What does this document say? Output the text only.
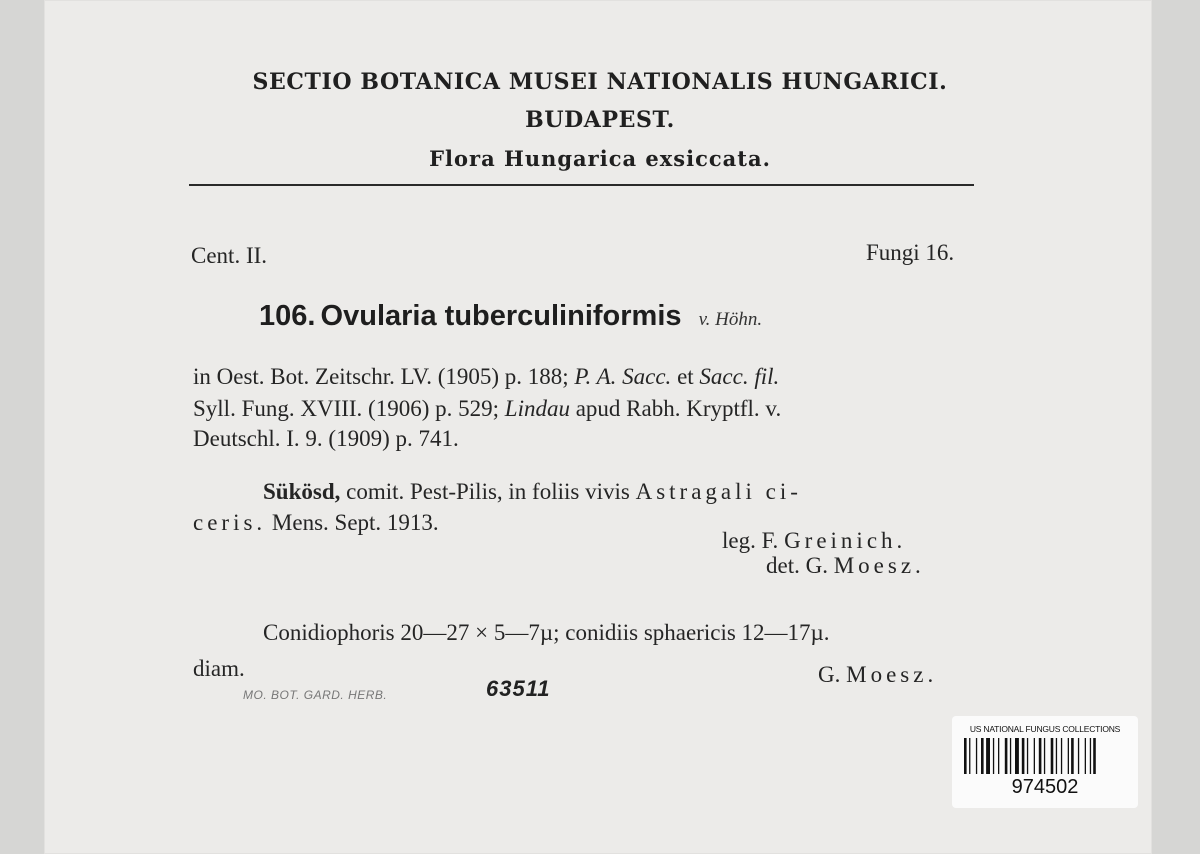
SECTIO BOTANICA MUSEI NATIONALIS HUNGARICI.
BUDAPEST.
Flora Hungarica exsiccata.
Cent. II.	Fungi 16.
106. Ovularia tuberculiniformis v. Höhn.
in Oest. Bot. Zeitschr. LV. (1905) p. 188; P. A. Sacc. et Sacc. fil.
Syll. Fung. XVIII. (1906) p. 529; Lindau apud Rabh. Kryptfl. v.
Deutschl. I. 9. (1909) p. 741.
Sükösd, comit. Pest-Pilis, in foliis vivis Astragali ci-
ceris. Mens. Sept. 1913.
leg. F. Greinich.
det. G. Moesz.
Conidiophoris 20—27 × 5—7µ; conidiis sphaericis 12—17µ.
diam.	G. Moesz.
MO. BOT. GARD. HERB.	63511
US NATIONAL FUNGUS COLLECTIONS
974502
